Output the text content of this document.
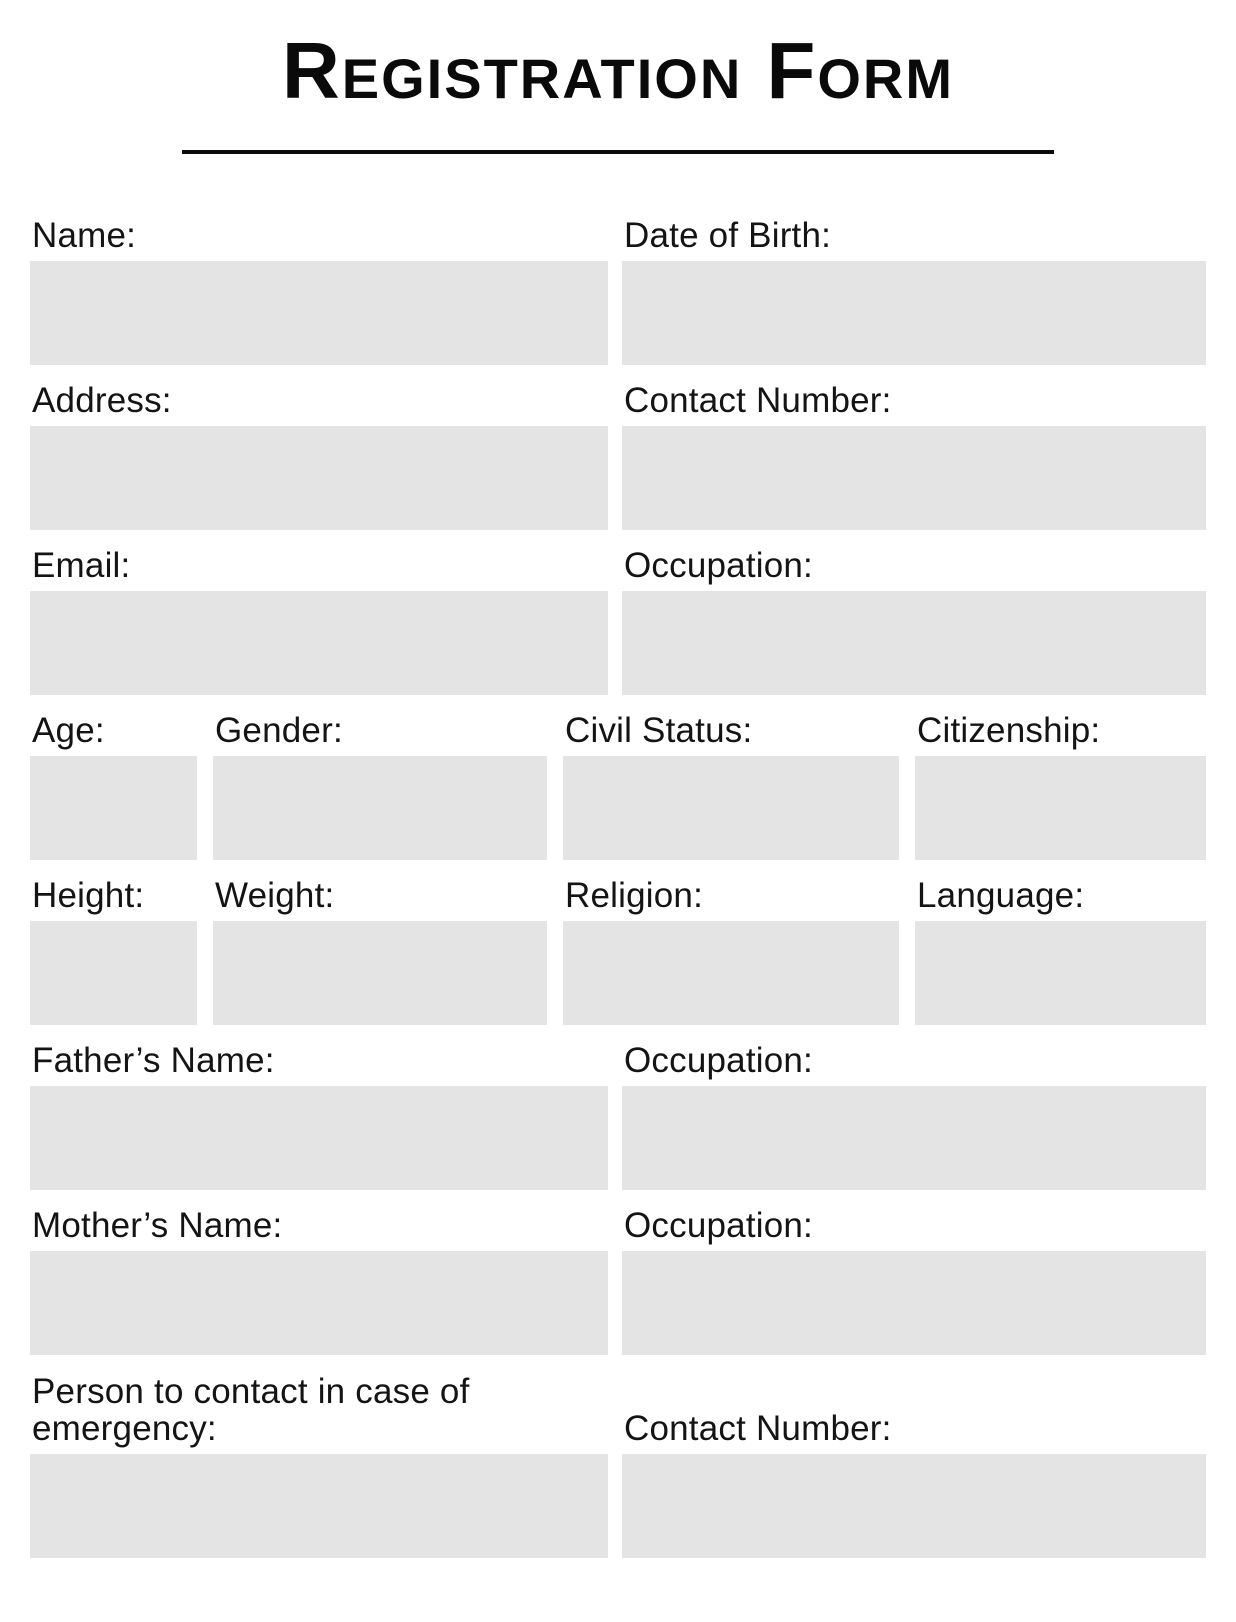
Registration Form
Name:	Date of Birth:
Address:	Contact Number:
Email:	Occupation:
Age:	Gender:	Civil Status:	Citizenship:
Height:	Weight:	Religion:	Language:
Father’s Name:	Occupation:
Mother’s Name:	Occupation:
Person to contact in case of emergency:	Contact Number:
